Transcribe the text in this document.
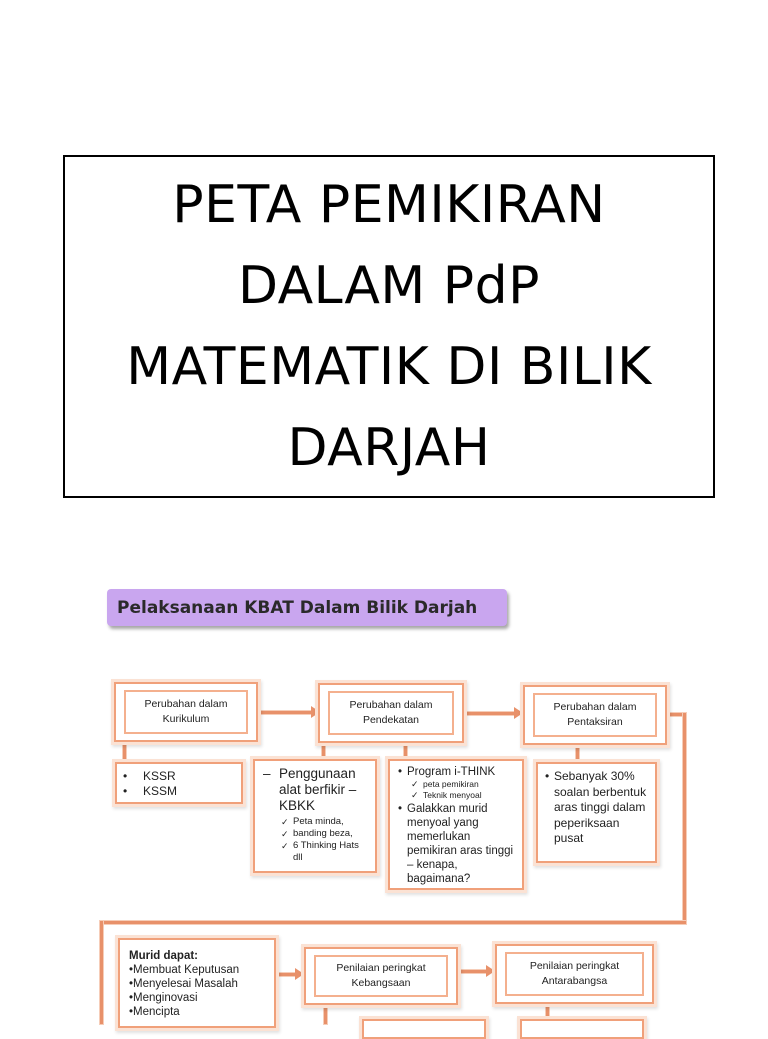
PETA PEMIKIRAN
DALAM PdP
MATEMATIK DI BILIK
DARJAH
Pelaksanaan KBAT Dalam Bilik Darjah
Perubahan dalam
Kurikulum
Perubahan dalam
Pendekatan
Perubahan dalam
Pentaksiran
• KSSR
• KSSM
– Penggunaan alat berfikir – KBKK
✓ Peta minda,
✓ banding beza,
✓ 6 Thinking Hats dll
• Program i-THINK
✓ peta pemikiran
✓ Teknik menyoal
• Galakkan murid menyoal yang memerlukan pemikiran aras tinggi – kenapa, bagaimana?
• Sebanyak 30% soalan berbentuk aras tinggi dalam peperiksaan pusat
Murid dapat:
•Membuat Keputusan
•Menyelesai Masalah
•Menginovasi
•Mencipta
Penilaian peringkat
Kebangsaan
Penilaian peringkat
Antarabangsa
